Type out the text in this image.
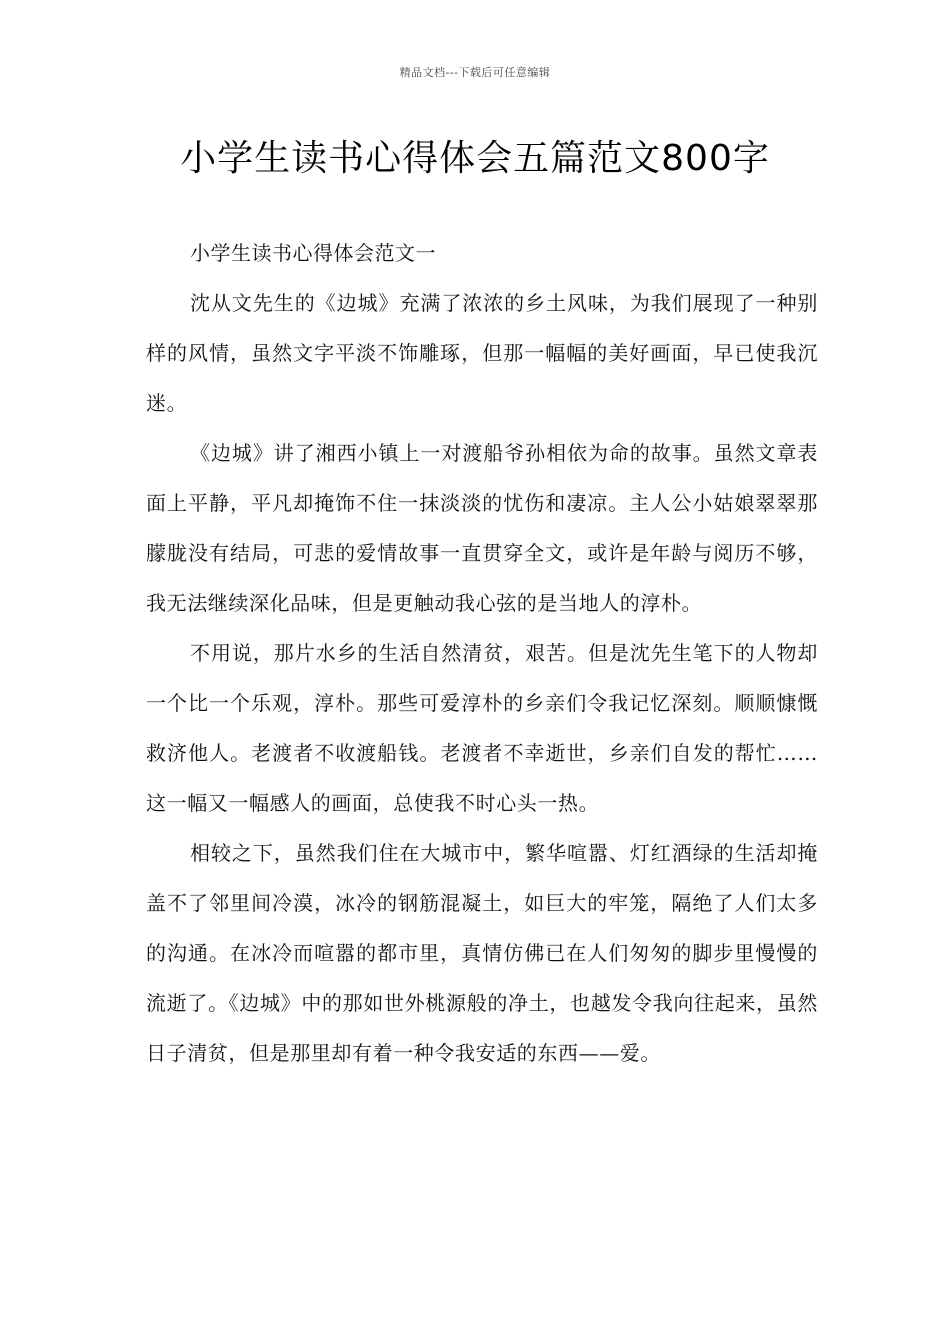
精品文档---下载后可任意编辑
小学生读书心得体会五篇范文800字

小学生读书心得体会范文一

沈从文先生的《边城》充满了浓浓的乡土风味，为我们展现了一种别样的风情，虽然文字平淡不饰雕琢，但那一幅幅的美好画面，早已使我沉迷。

《边城》讲了湘西小镇上一对渡船爷孙相依为命的故事。虽然文章表面上平静，平凡却掩饰不住一抹淡淡的忧伤和凄凉。主人公小姑娘翠翠那朦胧没有结局，可悲的爱情故事一直贯穿全文，或许是年龄与阅历不够，我无法继续深化品味，但是更触动我心弦的是当地人的淳朴。

不用说，那片水乡的生活自然清贫，艰苦。但是沈先生笔下的人物却一个比一个乐观，淳朴。那些可爱淳朴的乡亲们令我记忆深刻。顺顺慷慨救济他人。老渡者不收渡船钱。老渡者不幸逝世，乡亲们自发的帮忙……这一幅又一幅感人的画面，总使我不时心头一热。

相较之下，虽然我们住在大城市中，繁华喧嚣、灯红酒绿的生活却掩盖不了邻里间冷漠，冰冷的钢筋混凝土，如巨大的牢笼，隔绝了人们太多的沟通。在冰冷而喧嚣的都市里，真情仿佛已在人们匆匆的脚步里慢慢的流逝了。《边城》中的那如世外桃源般的净土，也越发令我向往起来，虽然日子清贫，但是那里却有着一种令我安适的东西——爱。
